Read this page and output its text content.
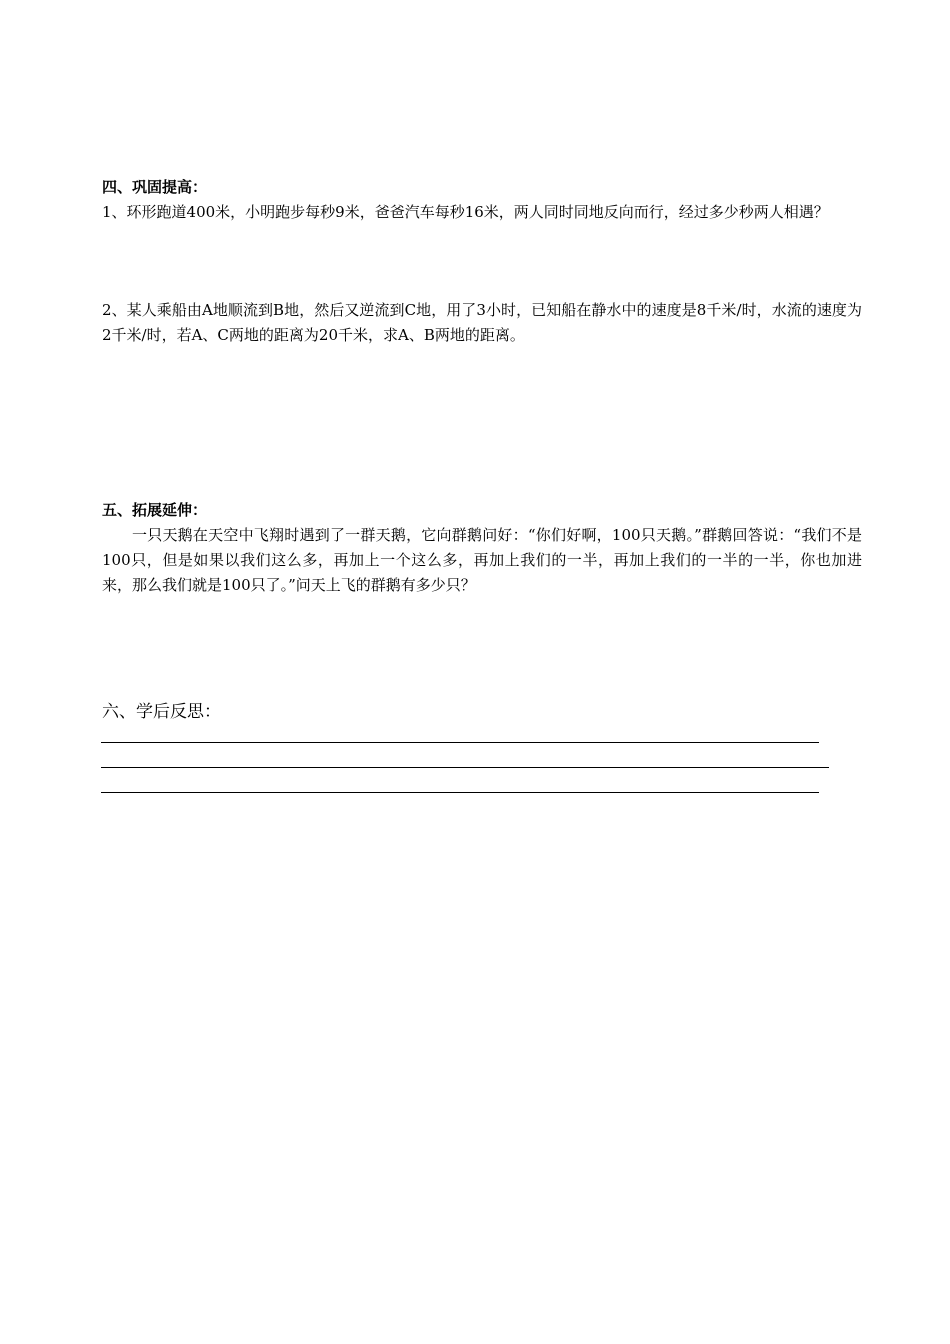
四、巩固提高：
1、环形跑道400米，小明跑步每秒9米，爸爸汽车每秒16米，两人同时同地反向而行，经过多少秒两人相遇？
2、某人乘船由A地顺流到B地，然后又逆流到C地，用了3小时，已知船在静水中的速度是8千米/时，水流的速度为2千米/时，若A、C两地的距离为20千米，求A、B两地的距离。
五、拓展延伸：
一只天鹅在天空中飞翔时遇到了一群天鹅，它向群鹅问好：“你们好啊，100只天鹅。”群鹅回答说：“我们不是100只，但是如果以我们这么多，再加上一个这么多，再加上我们的一半，再加上我们的一半的一半，你也加进来，那么我们就是100只了。”问天上飞的群鹅有多少只？
六、学后反思：
